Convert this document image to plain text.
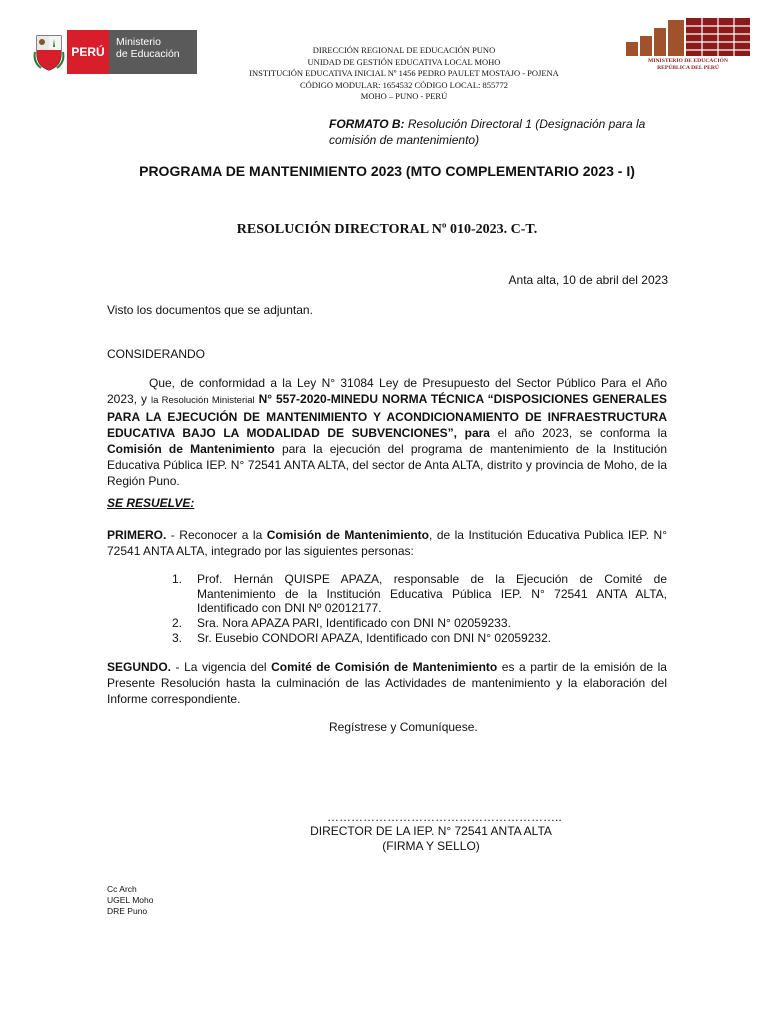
PERÚ
Ministerio
de Educación	DIRECCIÓN REGIONAL DE EDUCACIÓN PUNO
UNIDAD DE GESTIÓN EDUCATIVA LOCAL MOHO
INSTITUCIÓN EDUCATIVA INICIAL Nº 1456 PEDRO PAULET MOSTAJO - POJENA
CÓDIGO MODULAR: 1654532 CÓDIGO LOCAL: 855772
MOHO – PUNO - PERÚ
MINISTERIO DE EDUCACIÓN
REPÚBLICA DEL PERÚ
FORMATO B: Resolución Directoral 1 (Designación para la comisión de mantenimiento)
PROGRAMA DE MANTENIMIENTO 2023 (MTO COMPLEMENTARIO 2023 - I)
RESOLUCIÓN DIRECTORAL Nº 010-2023. C-T.
Anta alta, 10 de abril del 2023
Visto los documentos que se adjuntan.
CONSIDERANDO
Que, de conformidad a la Ley N° 31084 Ley de Presupuesto del Sector Público Para el Año 2023, y la Resolución Ministerial N° 557-2020-MINEDU NORMA TÉCNICA “DISPOSICIONES GENERALES PARA LA EJECUCIÓN DE MANTENIMIENTO Y ACONDICIONAMIENTO DE INFRAESTRUCTURA EDUCATIVA BAJO LA MODALIDAD DE SUBVENCIONES”, para el año 2023, se conforma la Comisión de Mantenimiento para la ejecución del programa de mantenimiento de la Institución Educativa Pública IEP. N° 72541 ANTA ALTA, del sector de Anta ALTA, distrito y provincia de Moho, de la Región Puno.
SE RESUELVE:
PRIMERO. - Reconocer a la Comisión de Mantenimiento, de la Institución Educativa Publica IEP. N° 72541 ANTA ALTA, integrado por las siguientes personas:
1. Prof. Hernán QUISPE APAZA, responsable de la Ejecución de Comité de Mantenimiento de la Institución Educativa Pública IEP. N° 72541 ANTA ALTA, Identificado con DNI Nº 02012177.
2. Sra. Nora APAZA PARI, Identificado con DNI N° 02059233.
3. Sr. Eusebio CONDORI APAZA, Identificado con DNI N° 02059232.
SEGUNDO. - La vigencia del Comité de Comisión de Mantenimiento es a partir de la emisión de la Presente Resolución hasta la culminación de las Actividades de mantenimiento y la elaboración del Informe correspondiente.
Regístrese y Comuníquese.
…………………………………………………..
DIRECTOR DE LA IEP. N° 72541 ANTA ALTA
(FIRMA Y SELLO)
Cc Arch
UGEL Moho
DRE Puno
